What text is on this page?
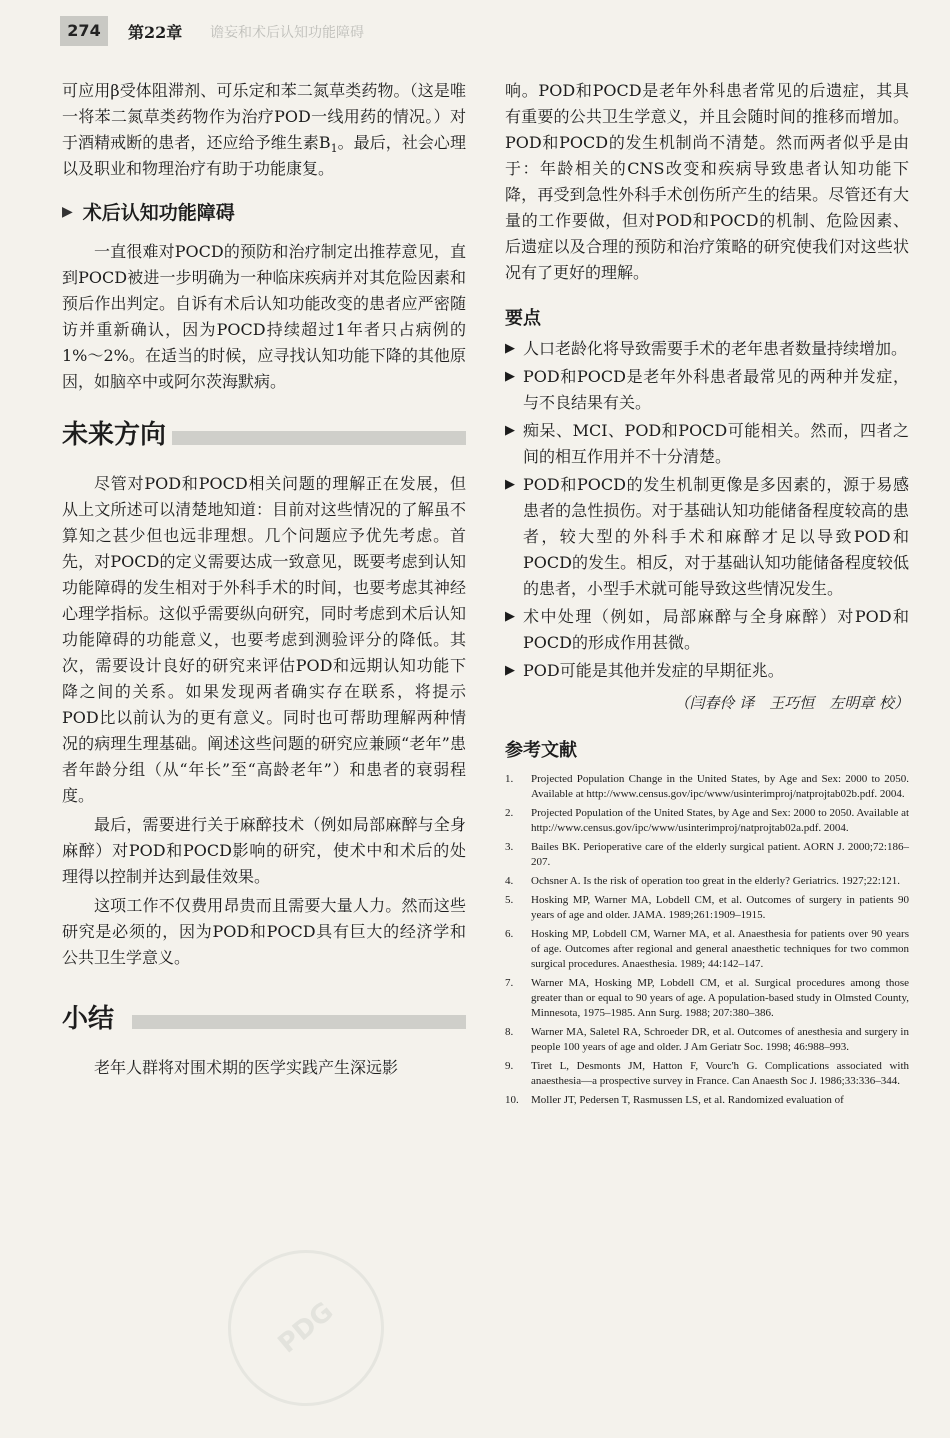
274	第22章 谵妄和术后认知功能障碍

可应用β受体阻滞剂、可乐定和苯二氮草类药物。（这是唯一将苯二氮草类药物作为治疗POD一线用药的情况。）对于酒精戒断的患者，还应给予维生素$B_1$。最后，社会心理以及职业和物理治疗有助于功能康复。

▶ 术后认知功能障碍

一直很难对POCD的预防和治疗制定出推荐意见，直到POCD被进一步明确为一种临床疾病并对其危险因素和预后作出判定。自诉有术后认知功能改变的患者应严密随访并重新确认，因为POCD持续超过1年者只占病例的1%～2%。在适当的时候，应寻找认知功能下降的其他原因，如脑卒中或阿尔茨海默病。

未来方向

尽管对POD和POCD相关问题的理解正在发展，但从上文所述可以清楚地知道：目前对这些情况的了解虽不算知之甚少但也远非理想。几个问题应予优先考虑。首先，对POCD的定义需要达成一致意见，既要考虑到认知功能障碍的发生相对于外科手术的时间，也要考虑其神经心理学指标。这似乎需要纵向研究，同时考虑到术后认知功能障碍的功能意义，也要考虑到测验评分的降低。其次，需要设计良好的研究来评估POD和远期认知功能下降之间的关系。如果发现两者确实存在联系，将提示POD比以前认为的更有意义。同时也可帮助理解两种情况的病理生理基础。阐述这些问题的研究应兼顾“老年”患者年龄分组（从“年长”至“高龄老年”）和患者的衰弱程度。

最后，需要进行关于麻醉技术（例如局部麻醉与全身麻醉）对POD和POCD影响的研究，使术中和术后的处理得以控制并达到最佳效果。

这项工作不仅费用昂贵而且需要大量人力。然而这些研究是必须的，因为POD和POCD具有巨大的经济学和公共卫生学意义。

小结

老年人群将对围术期的医学实践产生深远影

响。POD和POCD是老年外科患者常见的后遗症，其具有重要的公共卫生学意义，并且会随时间的推移而增加。POD和POCD的发生机制尚不清楚。然而两者似乎是由于：年龄相关的CNS改变和疾病导致患者认知功能下降，再受到急性外科手术创伤所产生的结果。尽管还有大量的工作要做，但对POD和POCD的机制、危险因素、后遗症以及合理的预防和治疗策略的研究使我们对这些状况有了更好的理解。

要点
▶ 人口老龄化将导致需要手术的老年患者数量持续增加。
▶ POD和POCD是老年外科患者最常见的两种并发症，与不良结果有关。
▶ 痴呆、MCI、POD和POCD可能相关。然而，四者之间的相互作用并不十分清楚。
▶ POD和POCD的发生机制更像是多因素的，源于易感患者的急性损伤。对于基础认知功能储备程度较高的患者，较大型的外科手术和麻醉才足以导致POD和POCD的发生。相反，对于基础认知功能储备程度较低的患者，小型手术就可能导致这些情况发生。
▶ 术中处理（例如，局部麻醉与全身麻醉）对POD和POCD的形成作用甚微。
▶ POD可能是其他并发症的早期征兆。
（闫春伶 译　王巧恒　左明章 校）
参考文献
1. Projected Population Change in the United States, by Age and Sex: 2000 to 2050. Available at http://www.census.gov/ipc/www/usinterimproj/natprojtab02b.pdf. 2004.
2. Projected Population of the United States, by Age and Sex: 2000 to 2050. Available at http://www.census.gov/ipc/www/usinterimproj/natprojtab02a.pdf. 2004.
3. Bailes BK. Perioperative care of the elderly surgical patient. AORN J. 2000;72:186–207.
4. Ochsner A. Is the risk of operation too great in the elderly? Geriatrics. 1927;22:121.
5. Hosking MP, Warner MA, Lobdell CM, et al. Outcomes of surgery in patients 90 years of age and older. JAMA. 1989;261:1909–1915.
6. Hosking MP, Lobdell CM, Warner MA, et al. Anaesthesia for patients over 90 years of age. Outcomes after regional and general anaesthetic techniques for two common surgical procedures. Anaesthesia. 1989; 44:142–147.
7. Warner MA, Hosking MP, Lobdell CM, et al. Surgical procedures among those greater than or equal to 90 years of age. A population-based study in Olmsted County, Minnesota, 1975–1985. Ann Surg. 1988; 207:380–386.
8. Warner MA, Saletel RA, Schroeder DR, et al. Outcomes of anesthesia and surgery in people 100 years of age and older. J Am Geriatr Soc. 1998; 46:988–993.
9. Tiret L, Desmonts JM, Hatton F, Vourc'h G. Complications associated with anaesthesia—a prospective survey in France. Can Anaesth Soc J. 1986;33:336–344.
10. Moller JT, Pedersen T, Rasmussen LS, et al. Randomized evaluation of
PDG
